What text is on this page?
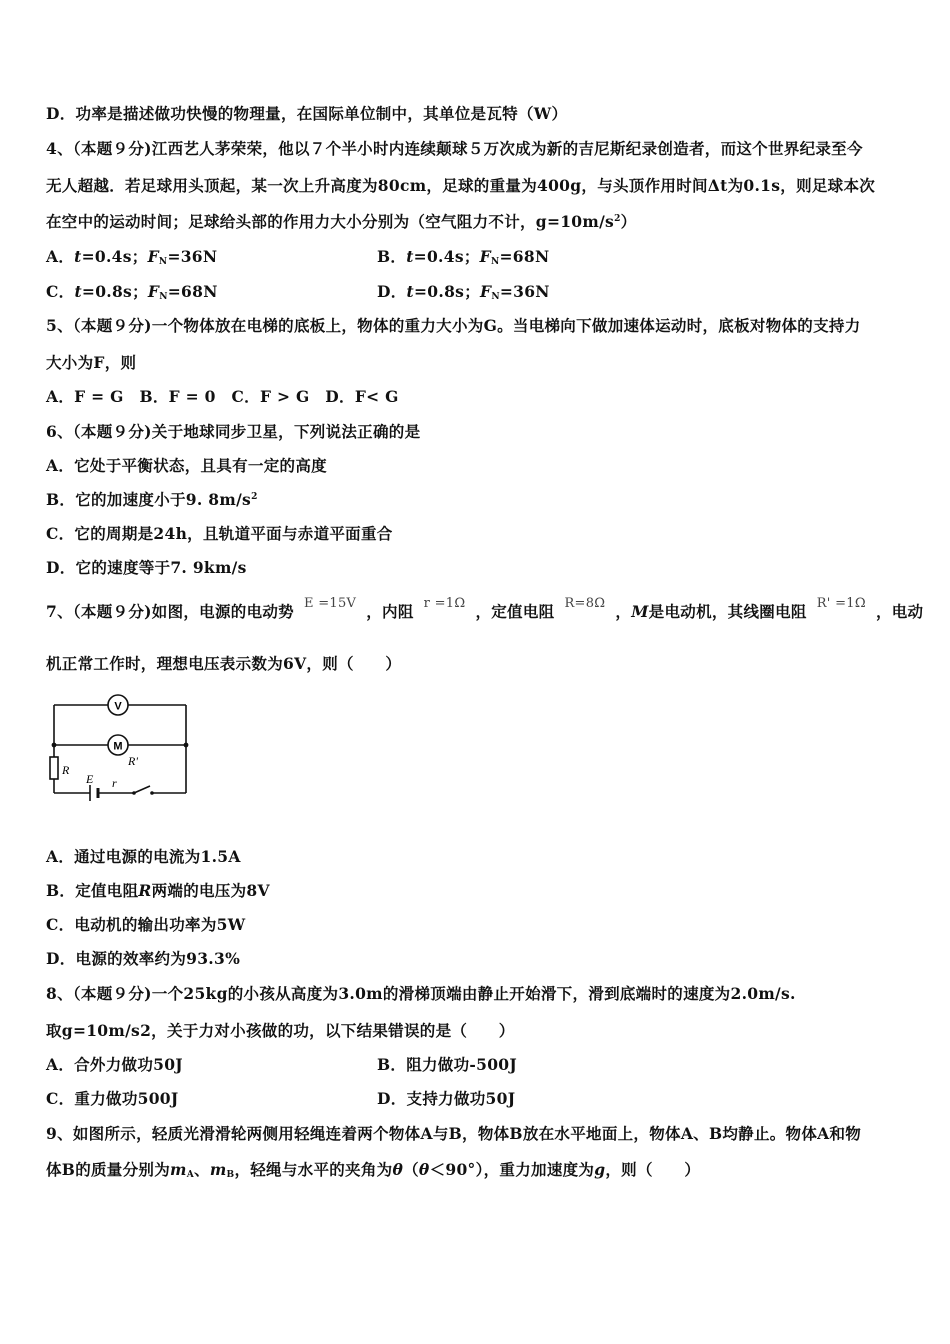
D．功率是描述做功快慢的物理量，在国际单位制中，其单位是瓦特（W）
4、（本题９分)江西艺人茅荣荣，他以７个半小时内连续颠球５万次成为新的吉尼斯纪录创造者，而这个世界纪录至今
无人超越．若足球用头顶起，某一次上升高度为80cm，足球的重量为400g，与头顶作用时间Δt为0.1s，则足球本次
在空中的运动时间；足球给头部的作用力大小分别为（空气阻力不计，$g=10m/s^2$）
A．t=0.4s；$F_N=36N$	B．t=0.4s；$F_N=68N$
C．t=0.8s；$F_N=68N$	D．t=0.8s；$F_N=36N$
5、（本题９分)一个物体放在电梯的底板上，物体的重力大小为G。当电梯向下做加速体运动时，底板对物体的支持力
大小为F，则
A．F = G　B．F = 0　C．F > G　D．F< G
6、（本题９分)关于地球同步卫星，下列说法正确的是
A．它处于平衡状态，且具有一定的高度
B．它的加速度小于9. $8m/s^2$
C．它的周期是24h，且轨道平面与赤道平面重合
D．它的速度等于7. 9km/s
7、（本题９分)如图，电源的电动势 E =15V ，内阻 r =1Ω ，定值电阻 R=8Ω ，M是电动机，其线圈电阻 R' =1Ω ，电动
机正常工作时，理想电压表示数为6V，则（　　）
V
M
R'
R
E r
A．通过电源的电流为1.5A
B．定值电阻R两端的电压为8V
C．电动机的输出功率为5W
D．电源的效率约为93.3%
8、（本题９分)一个25kg的小孩从高度为3.0m的滑梯顶端由静止开始滑下，滑到底端时的速度为2.0m/s.
取g=10m/s2，关于力对小孩做的功，以下结果错误的是（　　）
A．合外力做功50J	B．阻力做功-500J
C．重力做功500J	D．支持力做功50J
9、如图所示，轻质光滑滑轮两侧用轻绳连着两个物体A与B，物体B放在水平地面上，物体A、B均静止。物体A和物
体B的质量分别为$m_A$、$m_B$，轻绳与水平的夹角为θ（θ＜90°），重力加速度为g，则（　　）
